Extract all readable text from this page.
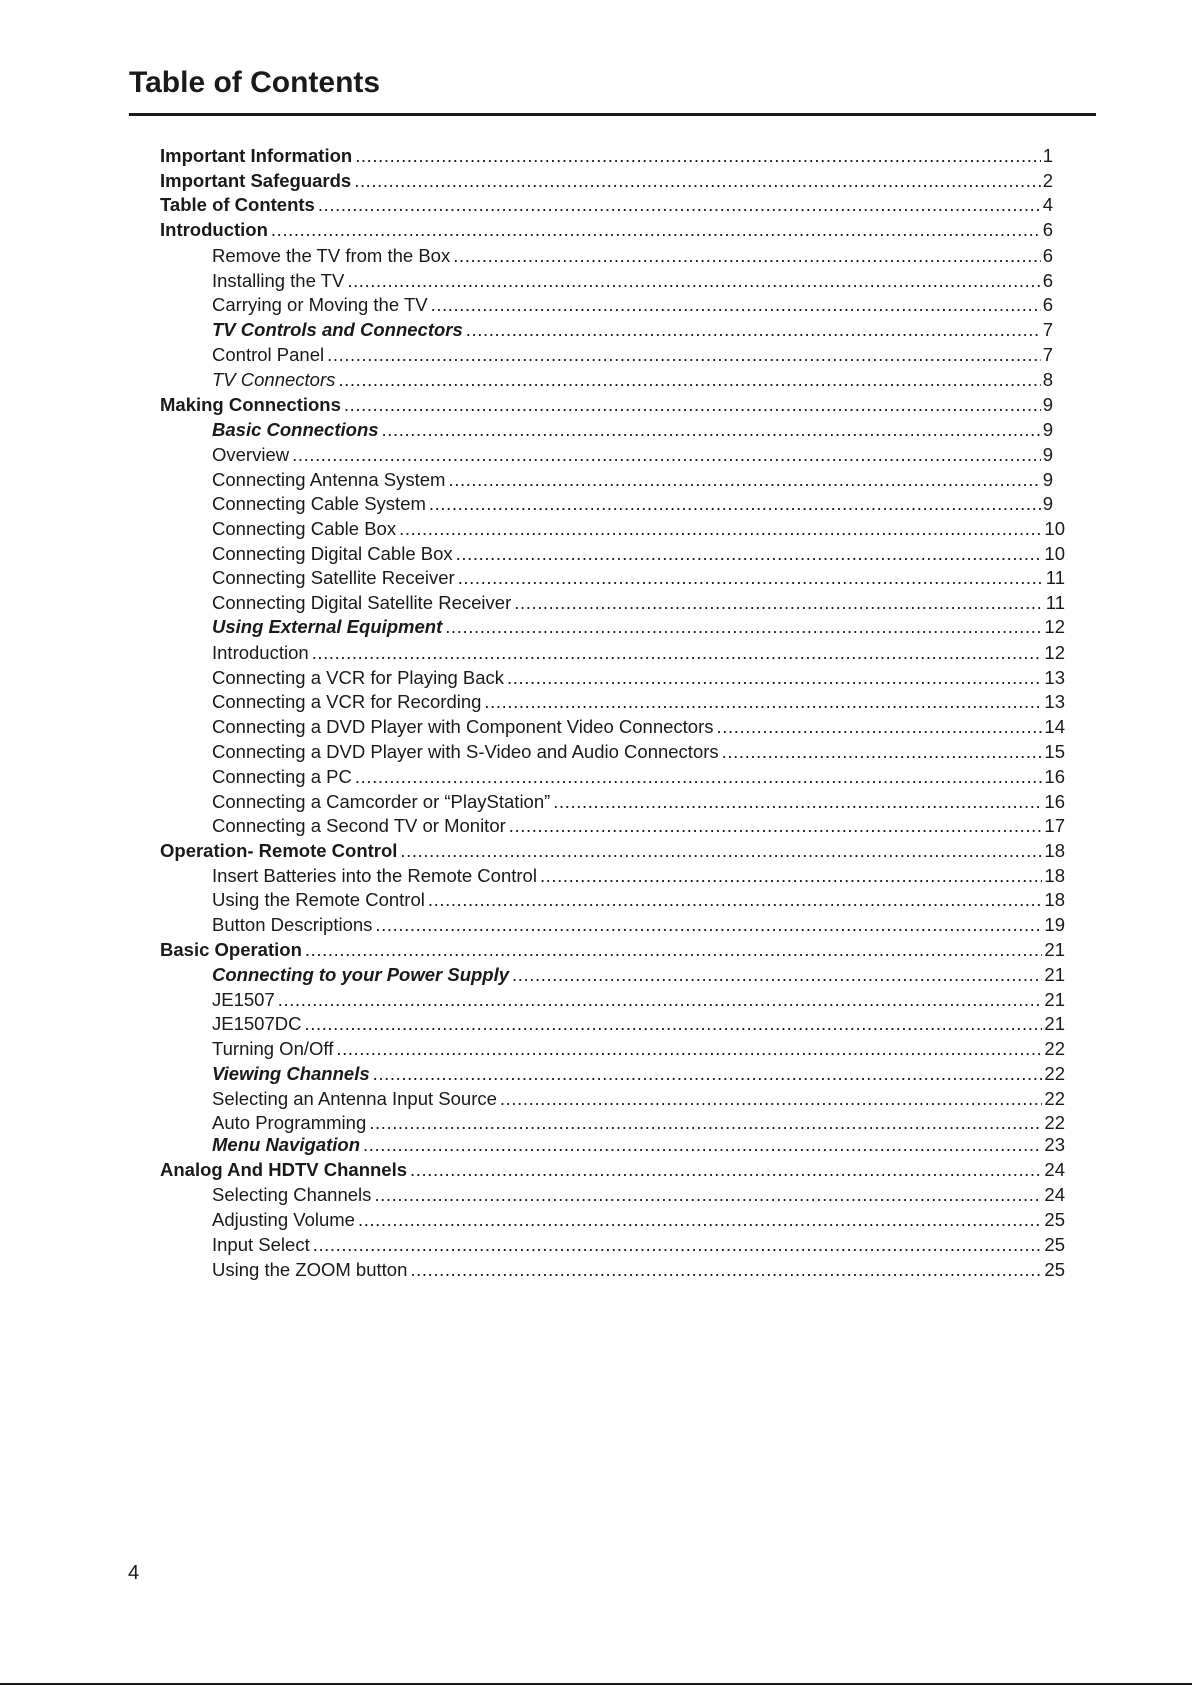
Table of Contents
Important Information .....	1
Important Safeguards .....	2
Table of Contents .....	4
Introduction .....	6
Remove the TV from the Box .....	6
Installing the TV .....	6
Carrying or Moving the TV .....	6
TV Controls and Connectors .....	7
Control Panel .....	7
TV Connectors .....	8
Making Connections .....	9
Basic Connections .....	9
Overview .....	9
Connecting Antenna System .....	9
Connecting Cable System .....	9
Connecting Cable Box .....	10
Connecting Digital Cable Box .....	10
Connecting Satellite Receiver .....	11
Connecting Digital Satellite Receiver .....	11
Using External Equipment .....	12
Introduction .....	12
Connecting a VCR for Playing Back .....	13
Connecting a VCR for Recording .....	13
Connecting a DVD Player with Component Video Connectors .....	14
Connecting a DVD Player with S-Video and Audio Connectors .....	15
Connecting a PC .....	16
Connecting a Camcorder or “PlayStation” .....	16
Connecting a Second TV or Monitor .....	17
Operation- Remote Control .....	18
Insert Batteries into the Remote Control .....	18
Using the Remote Control .....	18
Button Descriptions .....	19
Basic Operation .....	21
Connecting to your Power Supply .....	21
JE1507 .....	21
JE1507DC .....	21
Turning On/Off .....	22
Viewing Channels .....	22
Selecting an Antenna Input Source .....	22
Auto Programming .....	22
Menu Navigation .....	23
Analog And HDTV Channels .....	24
Selecting Channels .....	24
Adjusting Volume .....	25
Input Select .....	25
Using the ZOOM button .....	25
4
